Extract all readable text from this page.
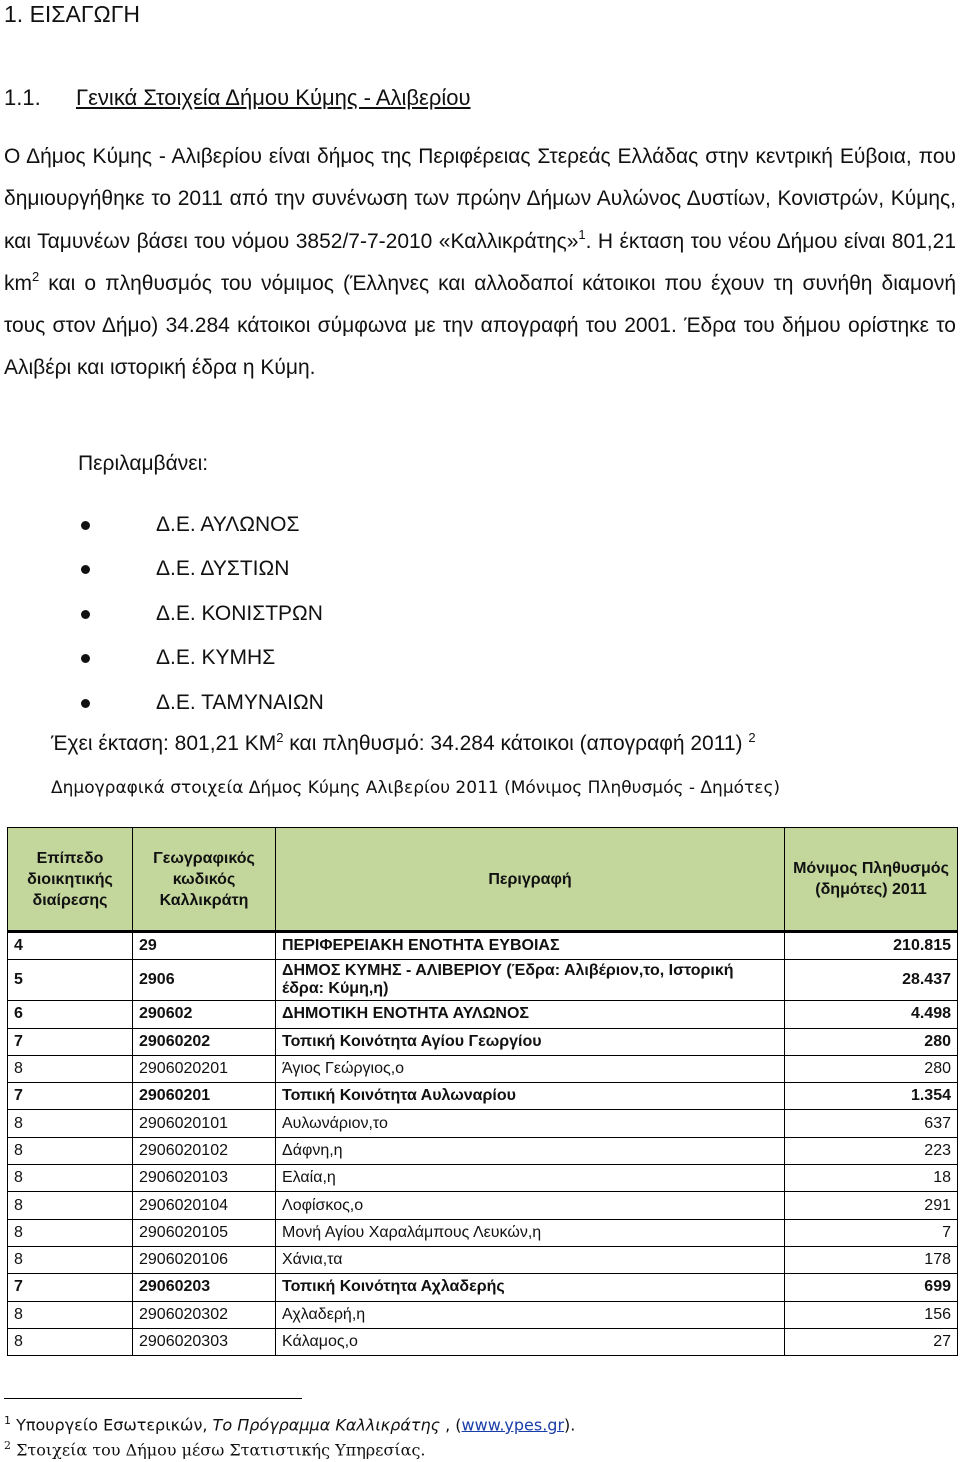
1. ΕΙΣΑΓΩΓΗ
1.1. Γενικά Στοιχεία Δήμου Κύμης - Αλιβερίου

Ο Δήμος Κύμης - Αλιβερίου είναι δήμος της Περιφέρειας Στερεάς Ελλάδας στην κεντρική Εύβοια, που δημιουργήθηκε το 2011 από την συνένωση των πρώην Δήμων Αυλώνος Δυστίων, Κονιστρών, Κύμης, και Ταμυνέων βάσει του νόμου 3852/7-7-2010 «Καλλικράτης»$^1$. Η έκταση του νέου Δήμου είναι 801,21 $km^2$ και ο πληθυσμός του νόμιμος (Έλληνες και αλλοδαποί κάτοικοι που έχουν τη συνήθη διαμονή τους στον Δήμο) 34.284 κάτοικοι σύμφωνα με την απογραφή του 2001. Έδρα του δήμου ορίστηκε το Αλιβέρι και ιστορική έδρα η Κύμη.

Περιλαμβάνει:
Δ.Ε. ΑΥΛΩΝΟΣ
Δ.Ε. ΔΥΣΤΙΩΝ
Δ.Ε. ΚΟΝΙΣΤΡΩΝ
Δ.Ε. ΚΥΜΗΣ
Δ.Ε. ΤΑΜΥΝΑΙΩΝ
Έχει έκταση: 801,21 $KM^2$ και πληθυσμό: 34.284 κάτοικοι (απογραφή 2011) $^2$
Δημογραφικά στοιχεία Δήμος Κύμης Αλιβερίου 2011 (Μόνιμος Πληθυσμός - Δημότες)
Επίπεδο διοικητικής διαίρεσης	Γεωγραφικός κωδικός Καλλικράτη	Περιγραφή	Μόνιμος Πληθυσμός (δημότες) 2011
4	29	ΠΕΡΙΦΕΡΕΙΑΚΗ ΕΝΟΤΗΤΑ ΕΥΒΟΙΑΣ	210.815
5	2906	ΔΗΜΟΣ ΚΥΜΗΣ - ΑΛΙΒΕΡΙΟΥ (Έδρα: Αλιβέριον,το, Ιστορική έδρα: Κύμη,η)	28.437
6	290602	ΔΗΜΟΤΙΚΗ ΕΝΟΤΗΤΑ ΑΥΛΩΝΟΣ	4.498
7	29060202	Τοπική Κοινότητα Αγίου Γεωργίου	280
8	2906020201	Άγιος Γεώργιος,ο	280
7	29060201	Τοπική Κοινότητα Αυλωναρίου	1.354
8	2906020101	Αυλωνάριον,το	637
8	2906020102	Δάφνη,η	223
8	2906020103	Ελαία,η	18
8	2906020104	Λοφίσκος,ο	291
8	2906020105	Μονή Αγίου Χαραλάμπους Λευκών,η	7
8	2906020106	Χάνια,τα	178
7	29060203	Τοπική Κοινότητα Αχλαδερής	699
8	2906020302	Αχλαδερή,η	156
8	2906020303	Κάλαμος,ο	27
$^1$ Υπουργείο Εσωτερικών, Το Πρόγραμμα Καλλικράτης , (www.ypes.gr).
$^2$ Στοιχεία του Δήμου μέσω Στατιστικής Υπηρεσίας.
